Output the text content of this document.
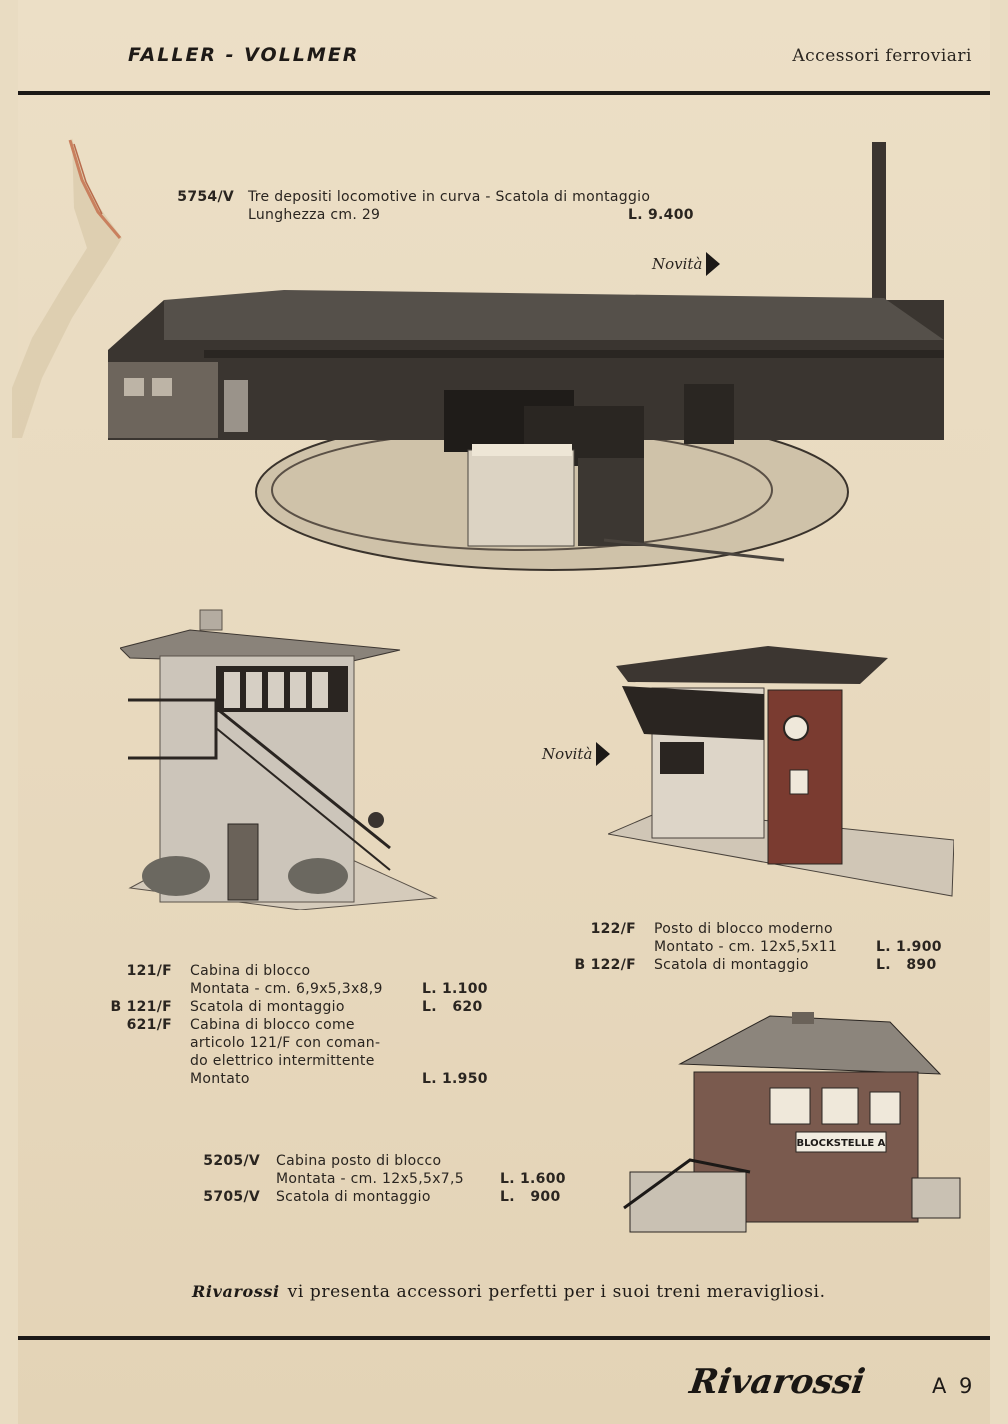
FALLER - VOLLMER	Accessori ferroviari
5754/V Tre depositi locomotive in curva - Scatola di montaggio
Lunghezza cm. 29	L. 9.400
Novità
Novità
122/F Posto di blocco moderno
Montato - cm. 12x5,5x11	L. 1.900
B 122/F Scatola di montaggio	L.   890
121/F Cabina di blocco
Montata - cm. 6,9x5,3x8,9	L. 1.100
B 121/F Scatola di montaggio	L.   620
621/F Cabina di blocco come
articolo 121/F con coman-
do elettrico intermittente
Montato	L. 1.950
BLOCKSTELLE A
5205/V Cabina posto di blocco
Montata - cm. 12x5,5x7,5	L. 1.600
5705/V Scatola di montaggio	L.   900
Rivarossi vi presenta accessori perfetti per i suoi treni meravigliosi.
Rivarossi	A 9
